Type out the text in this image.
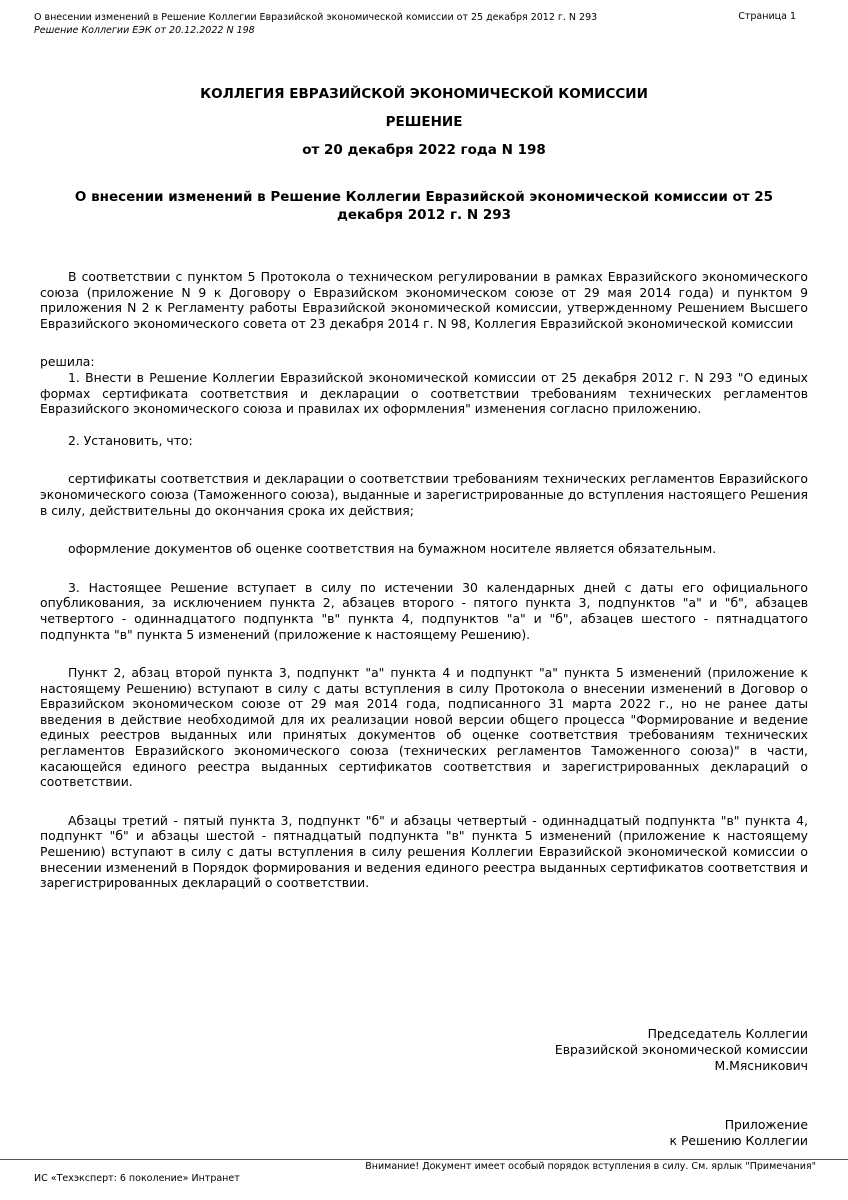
О внесении изменений в Решение Коллегии Евразийской экономической комиссии от 25 декабря 2012 г. N 293
Решение Коллегии ЕЭК от 20.12.2022 N 198
Страница 1
КОЛЛЕГИЯ ЕВРАЗИЙСКОЙ ЭКОНОМИЧЕСКОЙ КОМИССИИ
РЕШЕНИЕ
от 20 декабря 2022 года N 198
О внесении изменений в Решение Коллегии Евразийской экономической комиссии от 25 декабря 2012 г. N 293

В соответствии с пунктом 5 Протокола о техническом регулировании в рамках Евразийского экономического союза (приложение N 9 к Договору о Евразийском экономическом союзе от 29 мая 2014 года) и пунктом 9 приложения N 2 к Регламенту работы Евразийской экономической комиссии, утвержденному Решением Высшего Евразийского экономического совета от 23 декабря 2014 г. N 98, Коллегия Евразийской экономической комиссии

решила:

1. Внести в Решение Коллегии Евразийской экономической комиссии от 25 декабря 2012 г. N 293 "О единых формах сертификата соответствия и декларации о соответствии требованиям технических регламентов Евразийского экономического союза и правилах их оформления" изменения согласно приложению.

2. Установить, что:

сертификаты соответствия и декларации о соответствии требованиям технических регламентов Евразийского экономического союза (Таможенного союза), выданные и зарегистрированные до вступления настоящего Решения в силу, действительны до окончания срока их действия;

оформление документов об оценке соответствия на бумажном носителе является обязательным.

3. Настоящее Решение вступает в силу по истечении 30 календарных дней с даты его официального опубликования, за исключением пункта 2, абзацев второго - пятого пункта 3, подпунктов "а" и "б", абзацев четвертого - одиннадцатого подпункта "в" пункта 4, подпунктов "а" и "б", абзацев шестого - пятнадцатого подпункта "в" пункта 5 изменений (приложение к настоящему Решению).

Пункт 2, абзац второй пункта 3, подпункт "а" пункта 4 и подпункт "а" пункта 5 изменений (приложение к настоящему Решению) вступают в силу с даты вступления в силу Протокола о внесении изменений в Договор о Евразийском экономическом союзе от 29 мая 2014 года, подписанного 31 марта 2022 г., но не ранее даты введения в действие необходимой для их реализации новой версии общего процесса "Формирование и ведение единых реестров выданных или принятых документов об оценке соответствия требованиям технических регламентов Евразийского экономического союза (технических регламентов Таможенного союза)" в части, касающейся единого реестра выданных сертификатов соответствия и зарегистрированных деклараций о соответствии.

Абзацы третий - пятый пункта 3, подпункт "б" и абзацы четвертый - одиннадцатый подпункта "в" пункта 4, подпункт "б" и абзацы шестой - пятнадцатый подпункта "в" пункта 5 изменений (приложение к настоящему Решению) вступают в силу с даты вступления в силу решения Коллегии Евразийской экономической комиссии о внесении изменений в Порядок формирования и ведения единого реестра выданных сертификатов соответствия и зарегистрированных деклараций о соответствии.

Председатель Коллегии
Евразийской экономической комиссии
М.Мясникович
Приложение
к Решению Коллегии
Внимание! Документ имеет особый порядок вступления в силу. См. ярлык "Примечания"
ИС «Техэксперт: 6 поколение» Интранет
